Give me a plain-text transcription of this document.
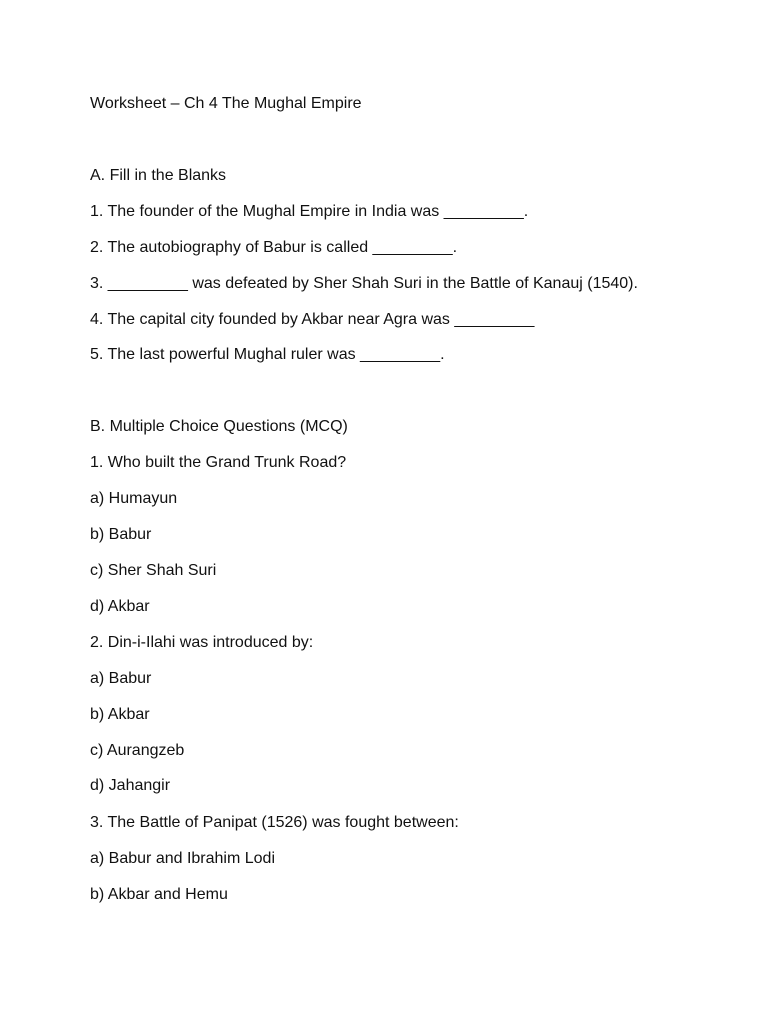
Worksheet – Ch 4 The Mughal Empire
A. Fill in the Blanks
1. The founder of the Mughal Empire in India was _________.
2. The autobiography of Babur is called _________.
3. _________ was defeated by Sher Shah Suri in the Battle of Kanauj (1540).
4. The capital city founded by Akbar near Agra was _________
5. The last powerful Mughal ruler was _________.
B. Multiple Choice Questions (MCQ)
1. Who built the Grand Trunk Road?
a) Humayun
b) Babur
c) Sher Shah Suri
d) Akbar
2. Din-i-Ilahi was introduced by:
a) Babur
b) Akbar
c) Aurangzeb
d) Jahangir
3. The Battle of Panipat (1526) was fought between:
a) Babur and Ibrahim Lodi
b) Akbar and Hemu
